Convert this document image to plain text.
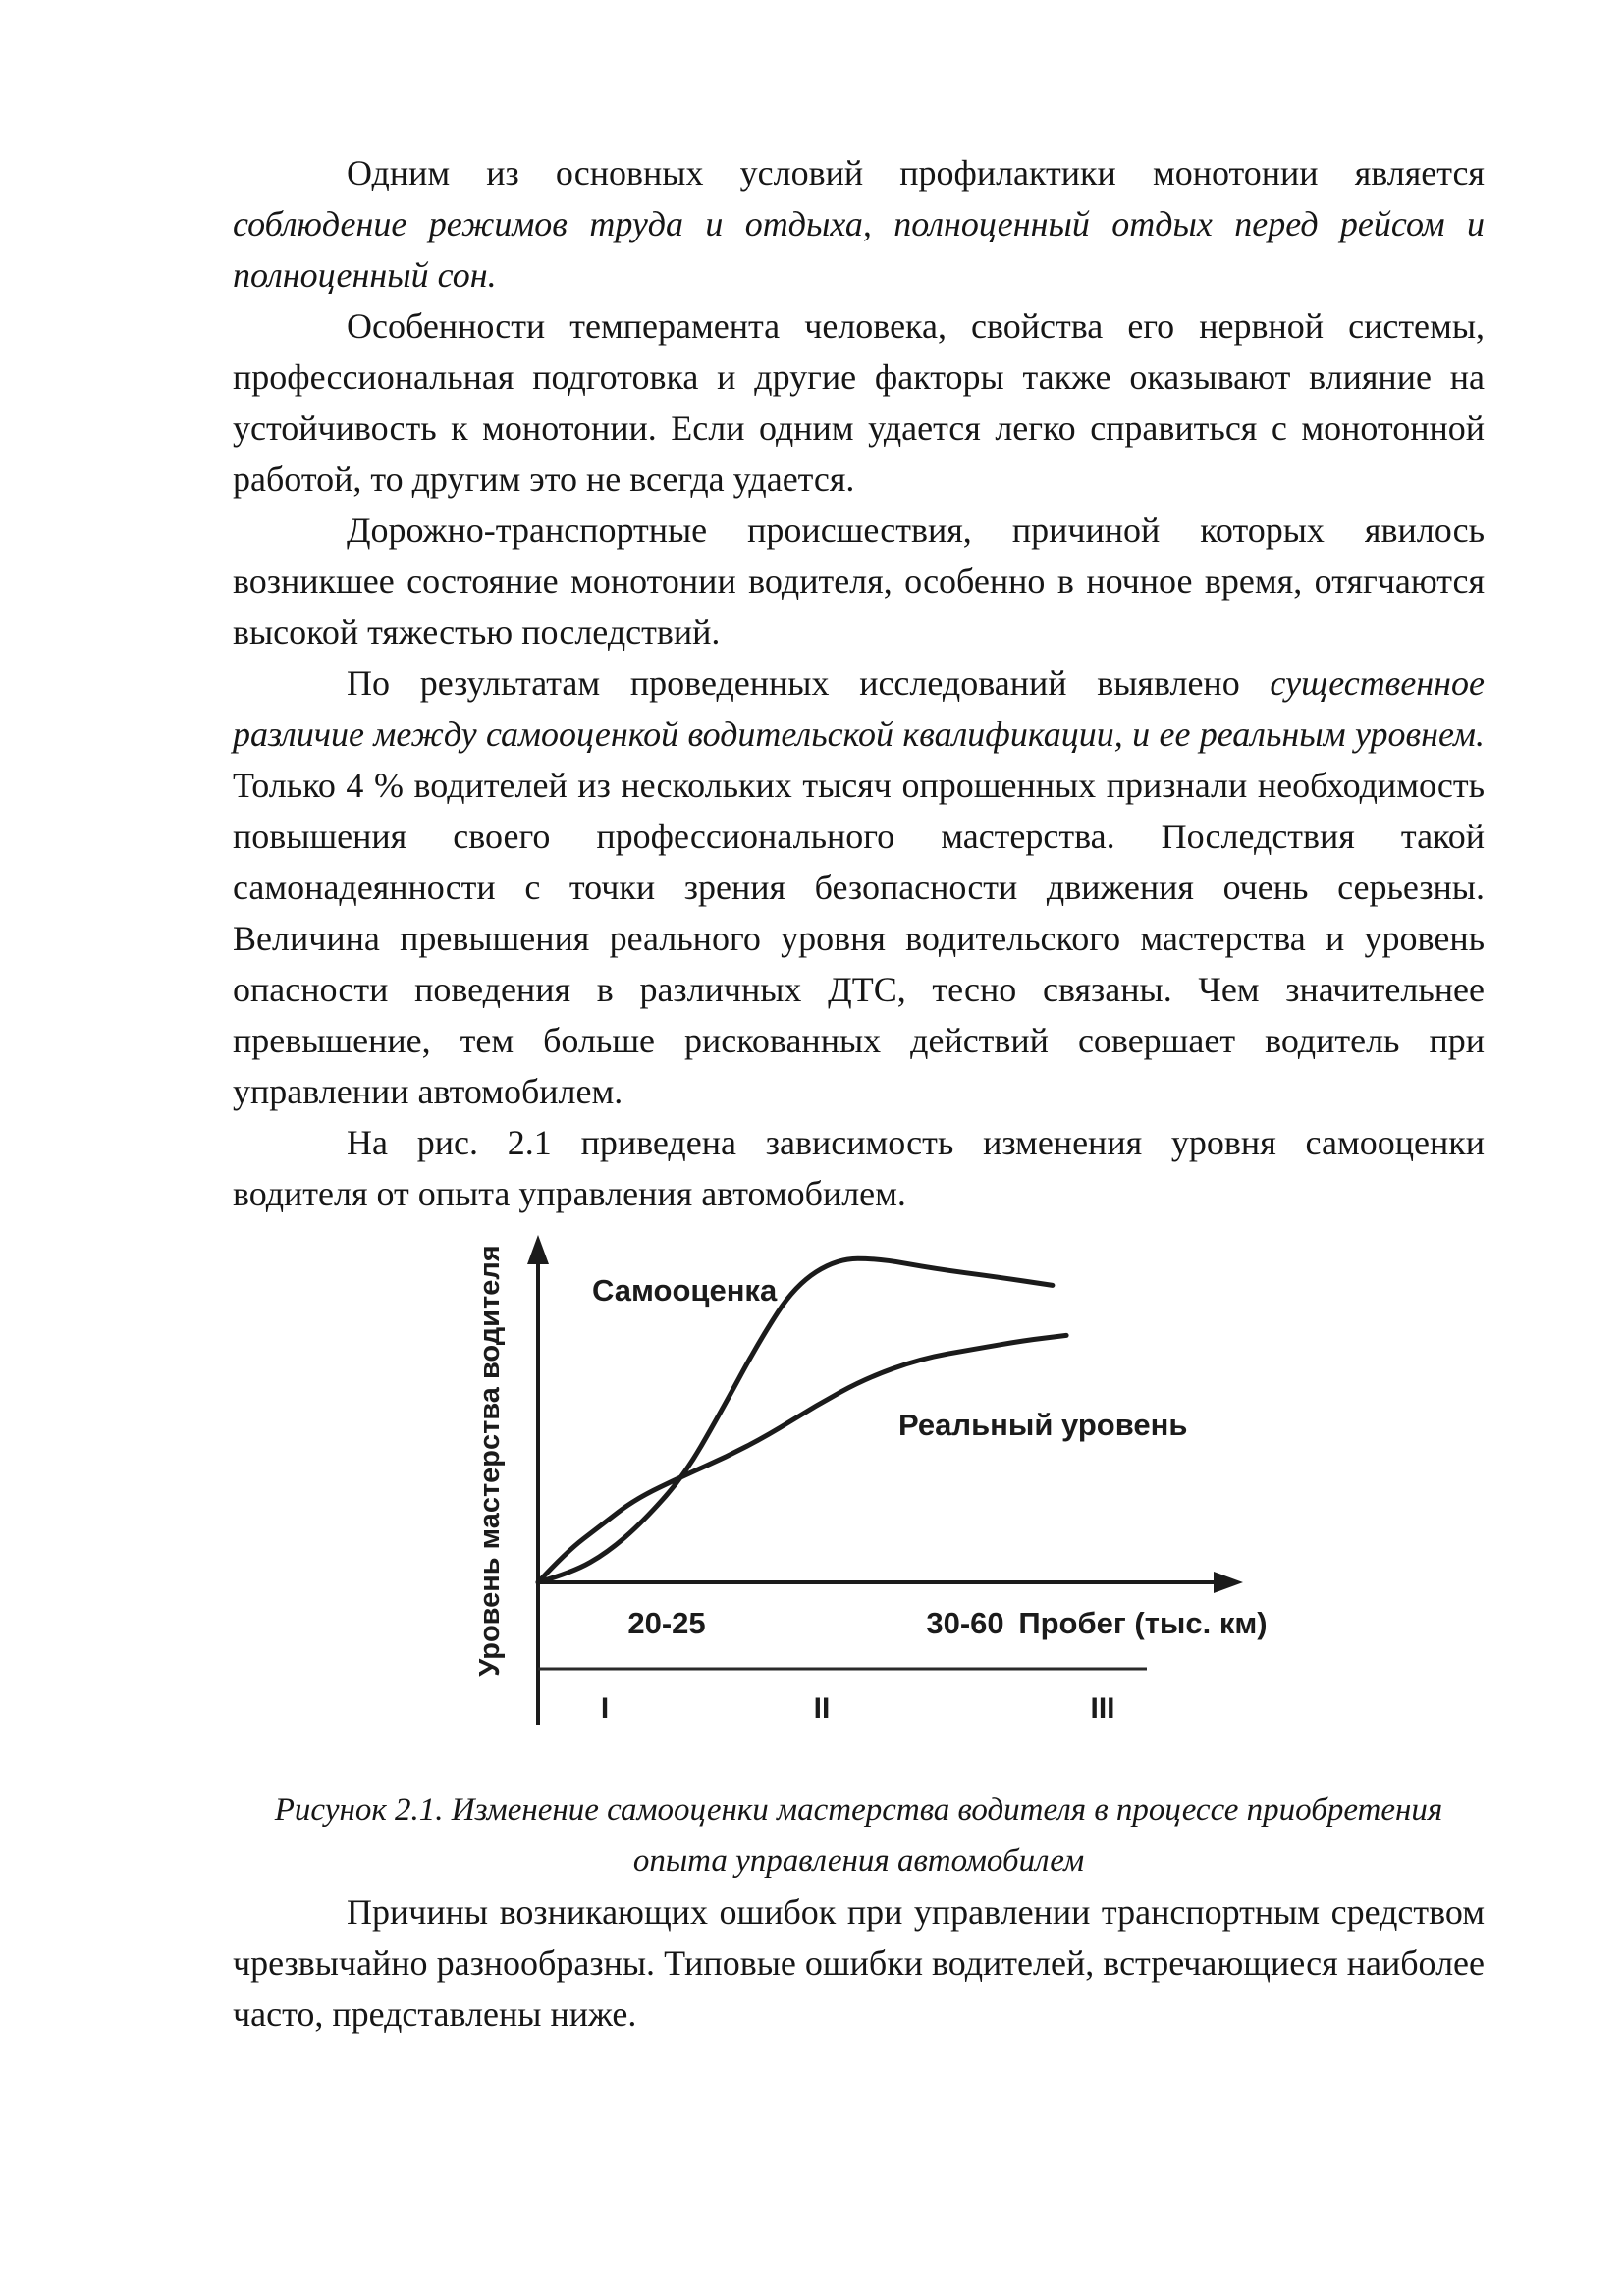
Одним из основных условий профилактики монотонии является соблюдение режимов труда и отдыха, полноценный отдых перед рейсом и полноценный сон.

Особенности темперамента человека, свойства его нервной системы, профессиональная подготовка и другие факторы также оказывают влияние на устойчивость к монотонии. Если одним удается легко справиться с монотонной работой, то другим это не всегда удается.

Дорожно-транспортные происшествия, причиной которых явилось возникшее состояние монотонии водителя, особенно в ночное время, отягчаются высокой тяжестью последствий.

По результатам проведенных исследований выявлено существенное различие между самооценкой водительской квалификации, и ее реальным уровнем. Только 4 % водителей из нескольких тысяч опрошенных признали необходимость повышения своего профессионального мастерства. Последствия такой самонадеянности с точки зрения безопасности движения очень серьезны. Величина превышения реального уровня водительского мастерства и уровень опасности поведения в различных ДТС, тесно связаны. Чем значительнее превышение, тем больше рискованных действий совершает водитель при управлении автомобилем.

На рис. 2.1 приведена зависимость изменения уровня самооценки водителя от опыта управления автомобилем.

Самооценка
Реальный уровень
20-25	30-60 Пробег (тыс. км)
I	II	III
Уровень мастерства водителя
Рисунок 2.1. Изменение самооценки мастерства водителя в процессе приобретения
опыта управления автомобилем

Причины возникающих ошибок при управлении транспортным средством чрезвычайно разнообразны. Типовые ошибки водителей, встречающиеся наиболее часто, представлены ниже.
